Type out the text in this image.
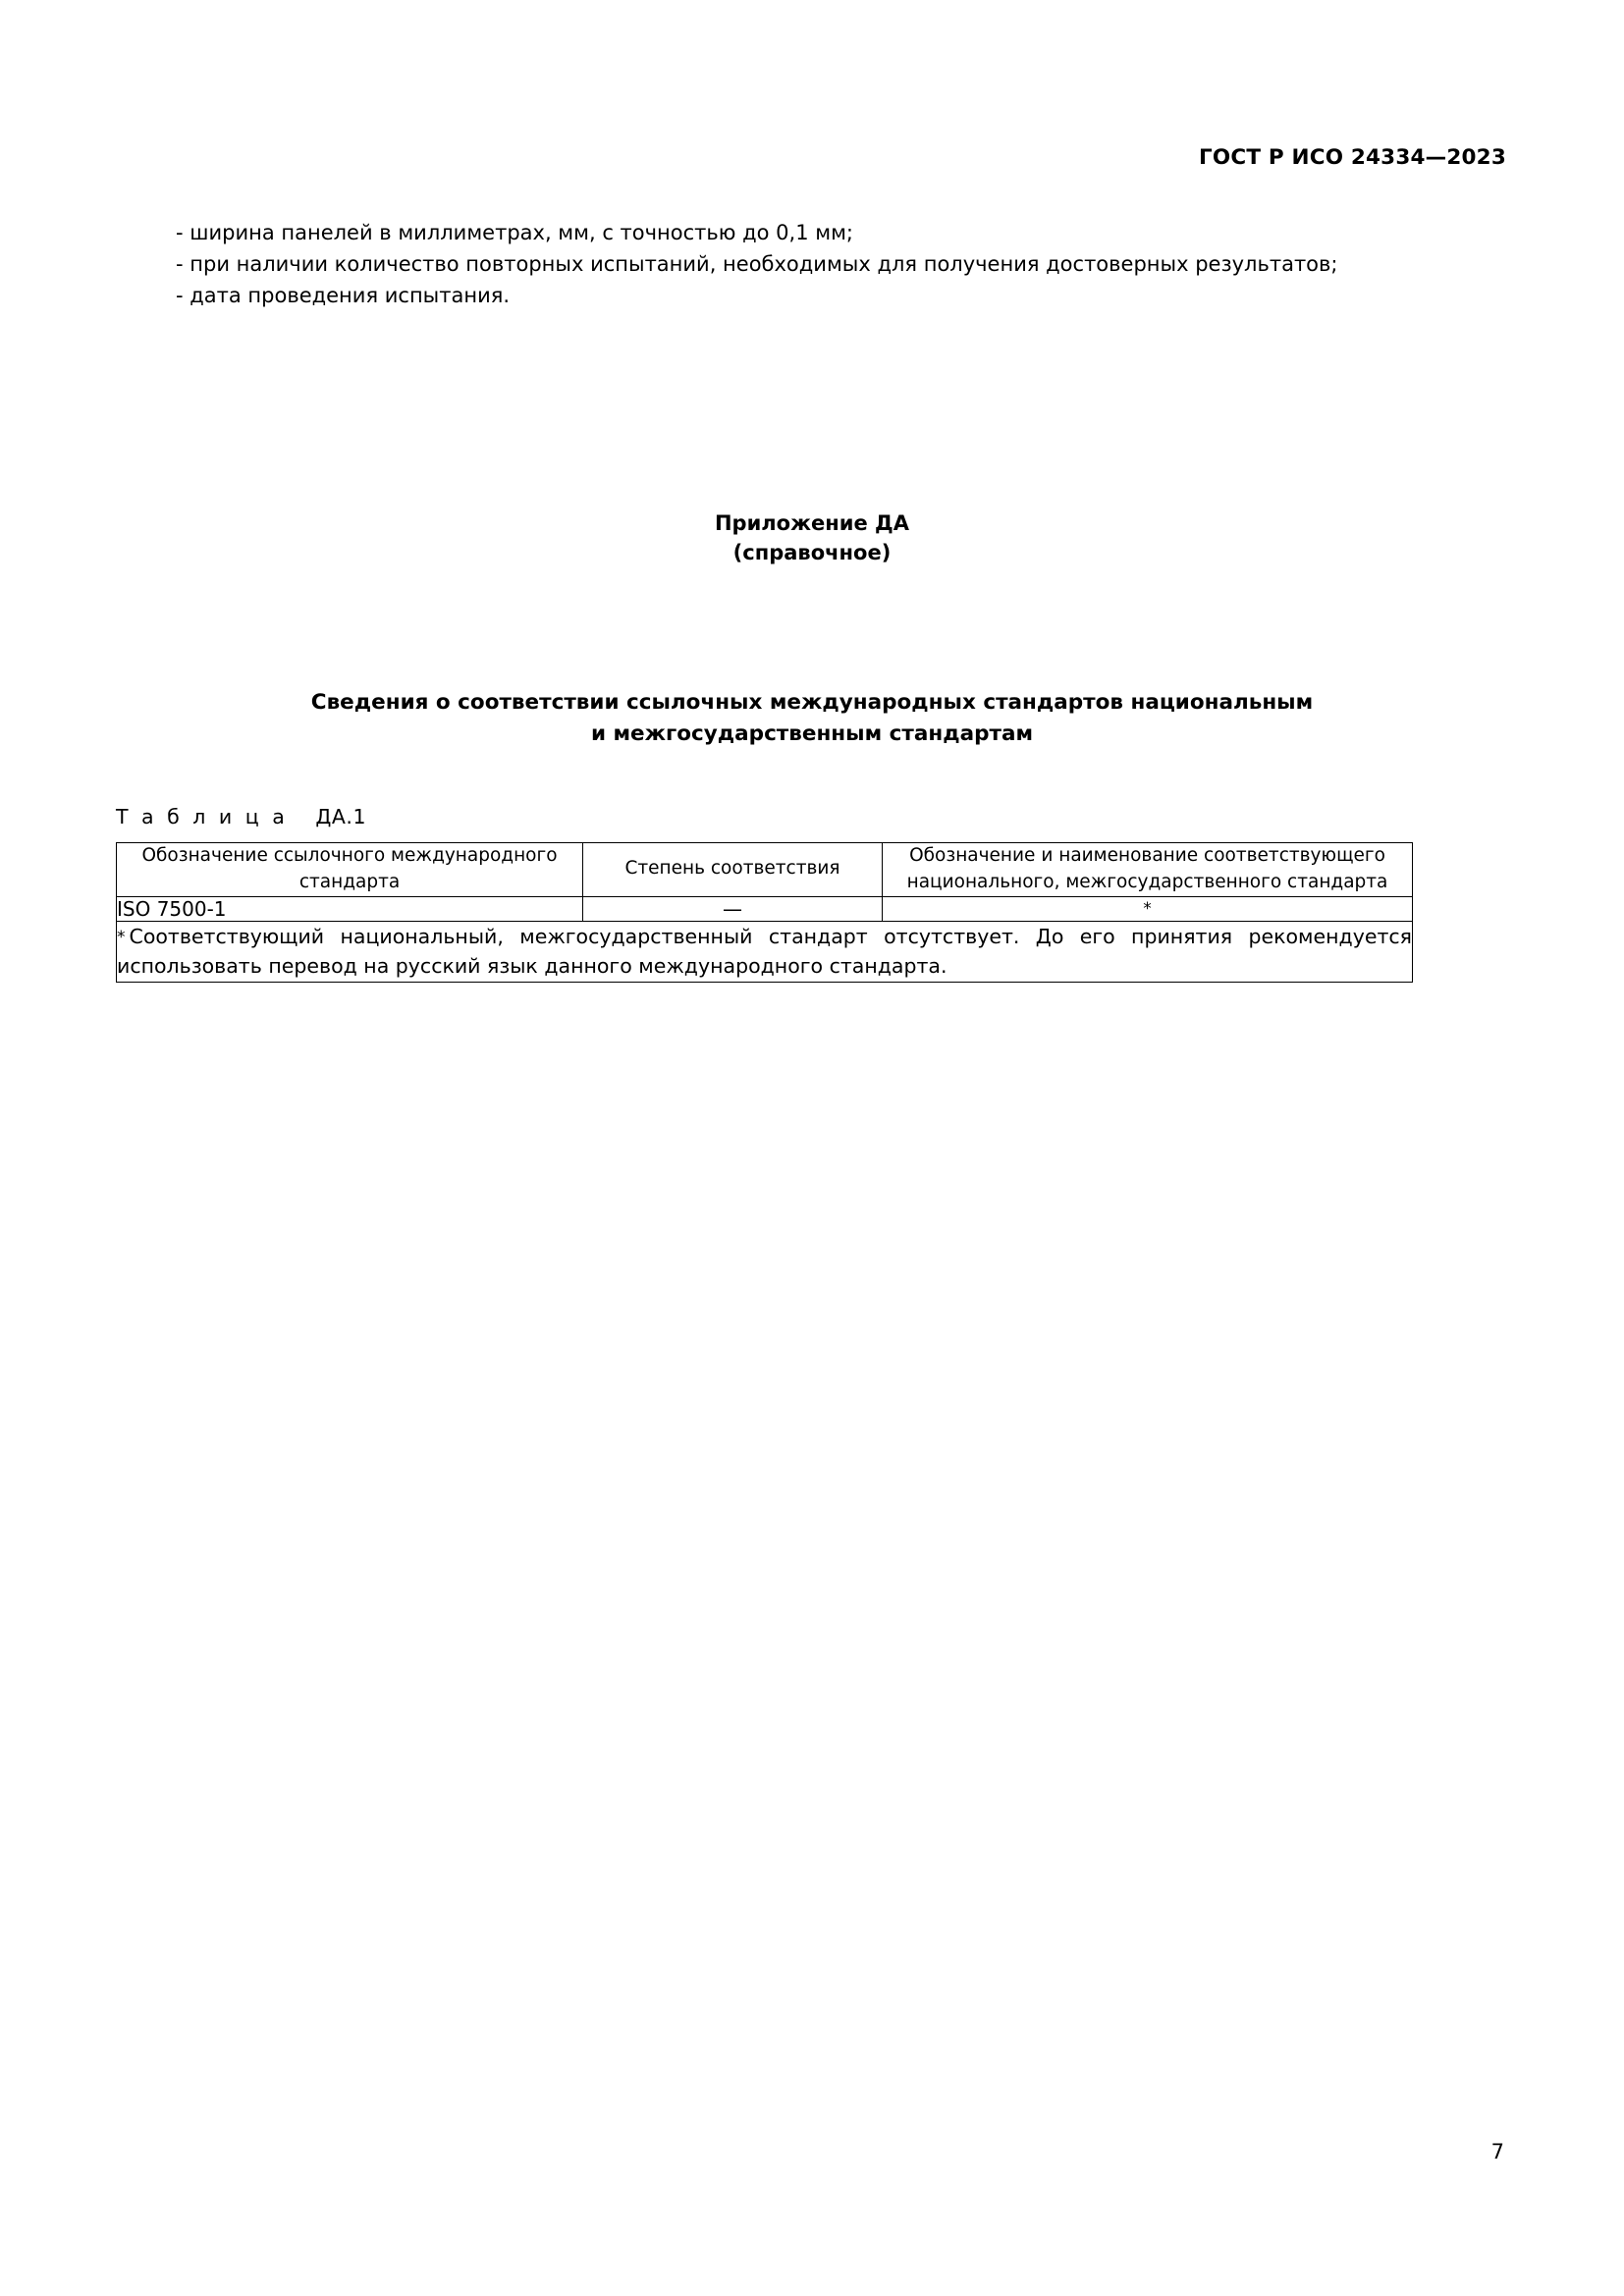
ГОСТ Р ИСО 24334—2023

- ширина панелей в миллиметрах, мм, с точностью до 0,1 мм;

- при наличии количество повторных испытаний, необходимых для получения достоверных результатов;

- дата проведения испытания.

Приложение ДА
(справочное)
Сведения о соответствии ссылочных международных стандартов национальным
и межгосударственным стандартам
Т а б л и ц а ДА.1
Обозначение ссылочного международного стандарта	Степень соответствия	Обозначение и наименование соответствующего национального, межгосударственного стандарта
ISO 7500-1	—	*
* Соответствующий национальный, межгосударственный стандарт отсутствует. До его принятия рекомендуется использовать перевод на русский язык данного международного стандарта.		
7
